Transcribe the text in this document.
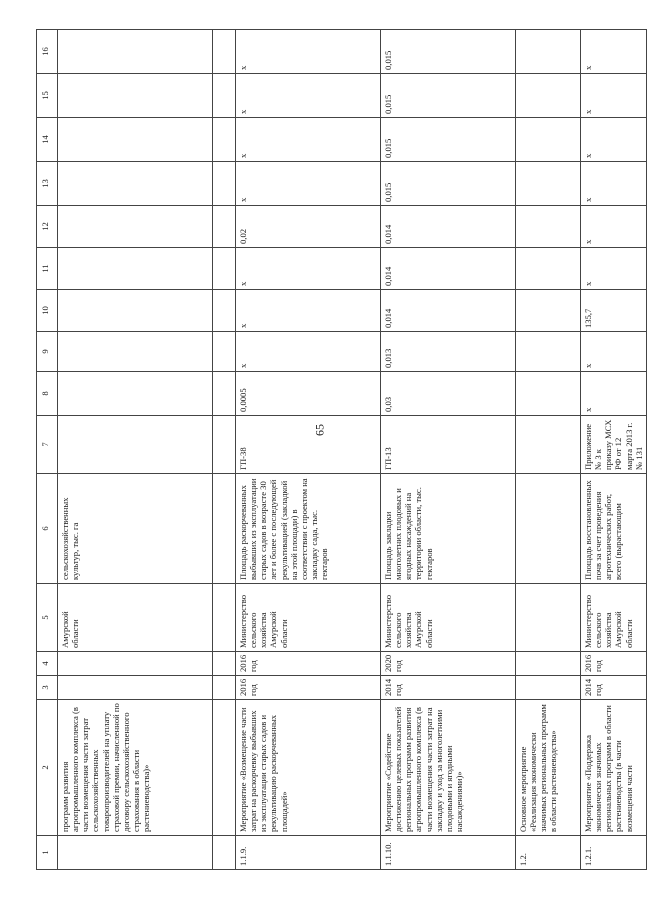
65
1	2	3	4	5	6	7	8	9	10	11	12	13	14	15	16
	программ развития агропромышленного комплекса (в части возмещения части затрат сельскохозяйственных товаропроизводителей на уплату страховой премии, начисленной по договору сельскохозяйственного страхования в области растениеводства)»			Амурской области	сельскохозяйственных культур, тыс. га										

1.1.9.	Мероприятие «Возмещение части затрат на раскорчевку выбывших из эксплуатации старых садов и рекультивацию раскорчеванных площадей»	2016 год	2016 год	Министерство сельского хозяйства Амурской области	Площадь раскорчеванных выбывших из эксплуатации старых садов в возрасте 30 лет и более с последующей рекультивацией (закладкой на этой площади) в соответствии с проектом на закладку сада, тыс. гектаров	ГП-38	0,0005	х	х	х	0,02	х	х	х	х
1.1.10.	Мероприятие «Содействие достижению целевых показателей региональных программ развития агропромышленного комплекса (в части возмещения части затрат на закладку и уход за многолетними плодовыми и ягодными насаждениями)»	2014 год	2020 год	Министерство сельского хозяйства Амурской области	Площадь закладки многолетних плодовых и ягодных насаждений на территории области, тыс. гектаров	ГП-13	0,03	0,013	0,014	0,014	0,014	0,015	0,015	0,015	0,015
1.2.	Основное мероприятие «Реализация экономически значимых региональных программ в области растениеводства»														
1.2.1.	Мероприятие «Поддержка экономически значимых региональных программ в области растениеводства (в части возмещения части	2014 год	2016 год	Министерство сельского хозяйства Амурской области	Площадь восстановленных почв за счет проведения агротехнических работ, всего (вырастающим	Приложение № 3 к приказу МСХ РФ от 12 марта 2013 г. № 131	х	х	135,7	х	х	х	х	х	х
